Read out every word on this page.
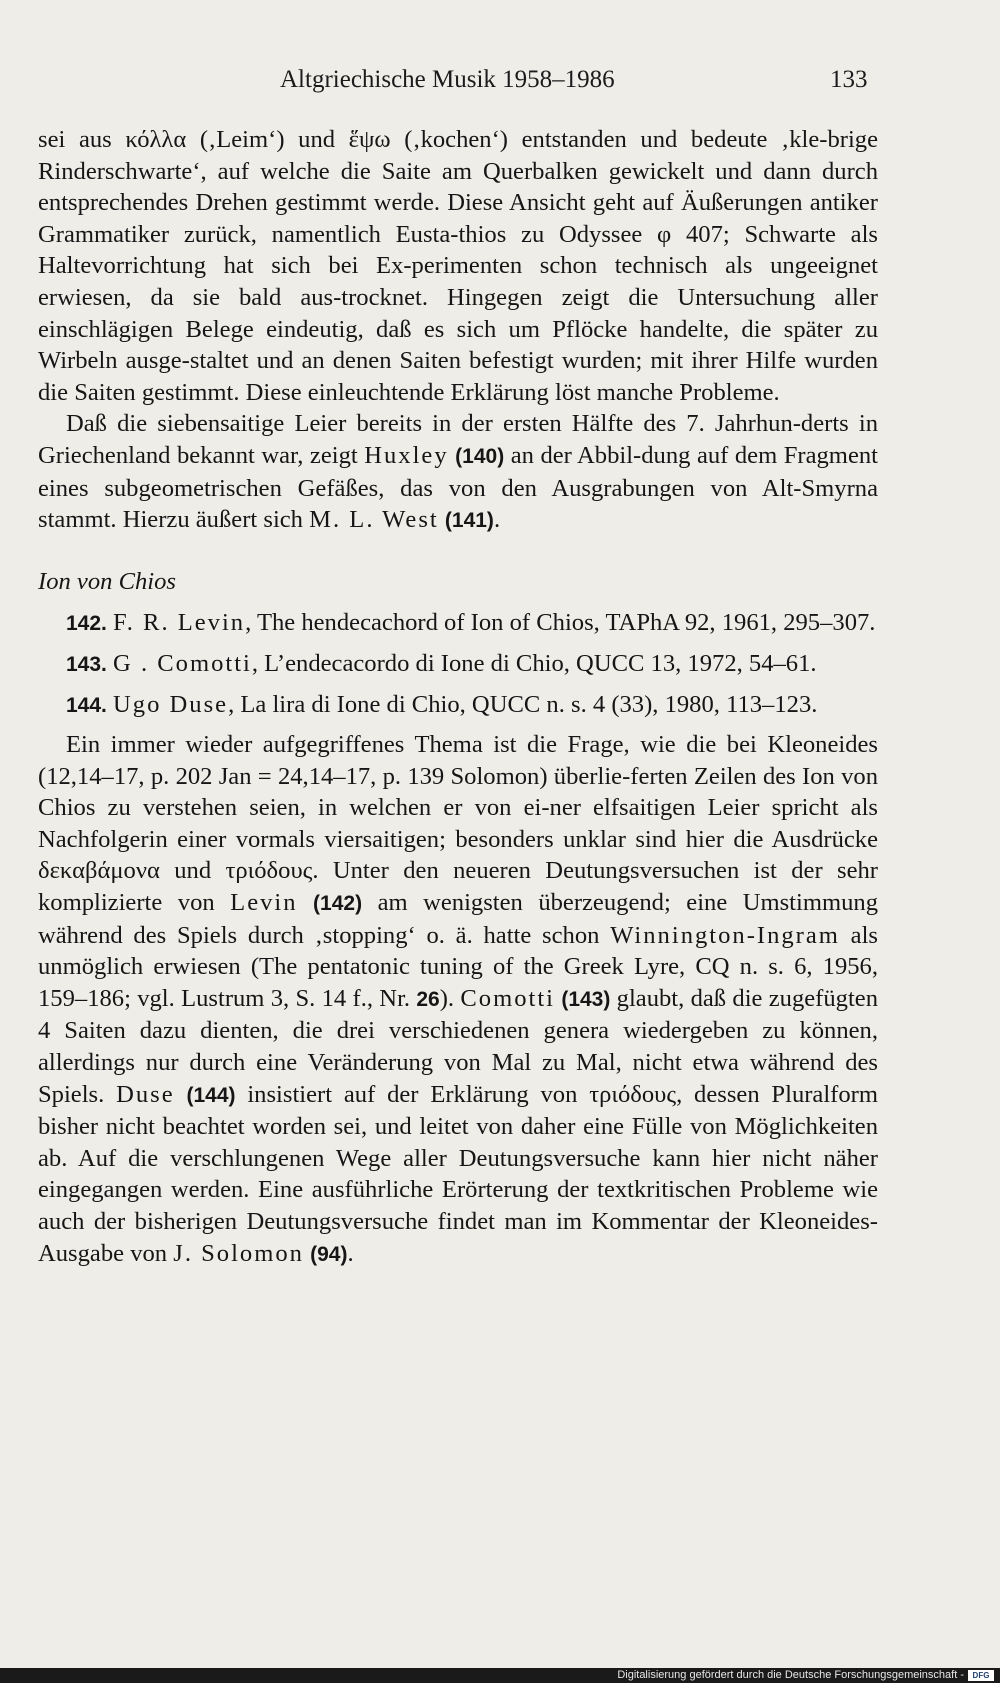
Altgriechische Musik 1958–1986	133

sei aus κόλλα (‚Leim‘) und ἕψω (‚kochen‘) entstanden und bedeute ‚kle-brige Rinderschwarte‘, auf welche die Saite am Querbalken gewickelt und dann durch entsprechendes Drehen gestimmt werde. Diese Ansicht geht auf Äußerungen antiker Grammatiker zurück, namentlich Eusta-thios zu Odyssee φ 407; Schwarte als Haltevorrichtung hat sich bei Ex-perimenten schon technisch als ungeeignet erwiesen, da sie bald aus-trocknet. Hingegen zeigt die Untersuchung aller einschlägigen Belege eindeutig, daß es sich um Pflöcke handelte, die später zu Wirbeln ausge-staltet und an denen Saiten befestigt wurden; mit ihrer Hilfe wurden die Saiten gestimmt. Diese einleuchtende Erklärung löst manche Probleme.

Daß die siebensaitige Leier bereits in der ersten Hälfte des 7. Jahrhun-derts in Griechenland bekannt war, zeigt Huxley (140) an der Abbil-dung auf dem Fragment eines subgeometrischen Gefäßes, das von den Ausgrabungen von Alt-Smyrna stammt. Hierzu äußert sich M. L. West (141).

Ion von Chios

142. F. R. Levin, The hendecachord of Ion of Chios, TAPhA 92, 1961, 295–307.

143. G . Comotti, L’endecacordo di Ione di Chio, QUCC 13, 1972, 54–61.

144. Ugo Duse, La lira di Ione di Chio, QUCC n. s. 4 (33), 1980, 113–123.

Ein immer wieder aufgegriffenes Thema ist die Frage, wie die bei Kleoneides (12,14–17, p. 202 Jan = 24,14–17, p. 139 Solomon) überlie-ferten Zeilen des Ion von Chios zu verstehen seien, in welchen er von ei-ner elfsaitigen Leier spricht als Nachfolgerin einer vormals viersaitigen; besonders unklar sind hier die Ausdrücke δεκαβάμονα und τριόδους. Unter den neueren Deutungsversuchen ist der sehr komplizierte von Levin (142) am wenigsten überzeugend; eine Umstimmung während des Spiels durch ‚stopping‘ o. ä. hatte schon Winnington-Ingram als unmöglich erwiesen (The pentatonic tuning of the Greek Lyre, CQ n. s. 6, 1956, 159–186; vgl. Lustrum 3, S. 14 f., Nr. 26). Comotti (143) glaubt, daß die zugefügten 4 Saiten dazu dienten, die drei verschiedenen genera wiedergeben zu können, allerdings nur durch eine Veränderung von Mal zu Mal, nicht etwa während des Spiels. Duse (144) insistiert auf der Erklärung von τριόδους, dessen Pluralform bisher nicht beachtet worden sei, und leitet von daher eine Fülle von Möglichkeiten ab. Auf die verschlungenen Wege aller Deutungsversuche kann hier nicht näher eingegangen werden. Eine ausführliche Erörterung der textkritischen Probleme wie auch der bisherigen Deutungsversuche findet man im Kommentar der Kleoneides-Ausgabe von J. Solomon (94).

Digitalisierung gefördert durch die Deutsche Forschungsgemeinschaft -	DFG
